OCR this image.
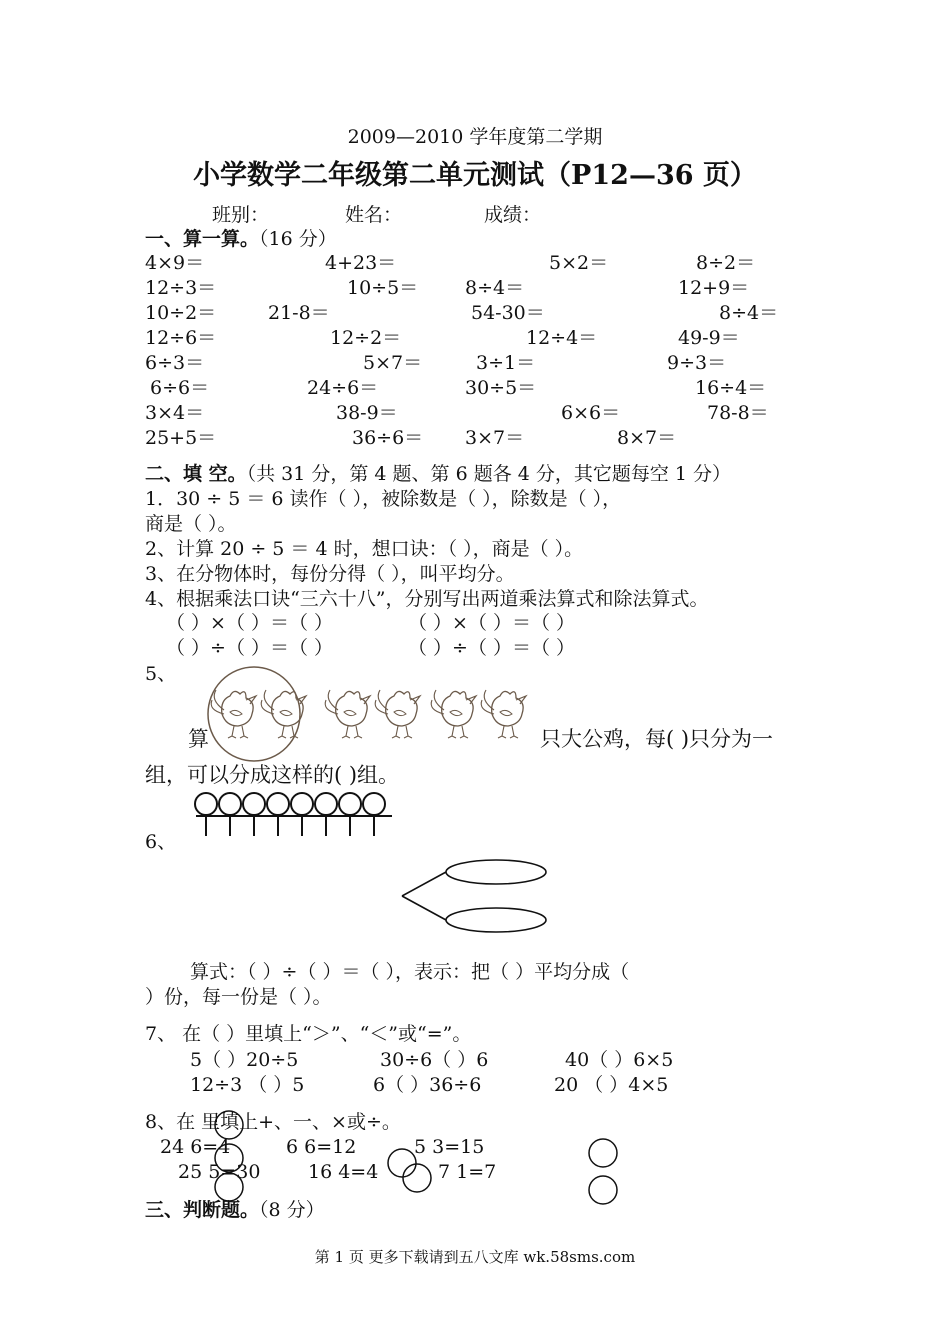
2009—2010 学年度第二学期
小学数学二年级第二单元测试（P12—36 页）
班别：	姓名：	成绩：
一、算一算。（16 分）
4×9＝	4+23＝	5×2＝	8÷2＝
12÷3＝	10÷5＝ 8÷4＝	12+9＝
10÷2＝	21-8＝	54-30＝	8÷4＝
12÷6＝	12÷2＝	12÷4＝	49-9＝
6÷3＝	5×7＝	3÷1＝	9÷3＝
6÷6＝	24÷6＝	30÷5＝	16÷4＝
3×4＝	38-9＝	6×6＝	78-8＝
25+5＝	36÷6＝ 3×7＝	8×7＝
二、填 空。（共 31 分，第 4 题、第 6 题各 4 分，其它题每空 1 分）
1．30 ÷ 5 ＝ 6 读作（ ），被除数是（ ），除数是（ ），
商是（ ）。
2、计算 20 ÷ 5 ＝ 4 时，想口诀：（ ），商是（ ）。
3、在分物体时，每份分得（ ），叫平均分。
4、根据乘法口诀“三六十八”，分别写出两道乘法算式和除法算式。
（ ）×（ ）＝（ ）	（ ）×（ ）＝（ ）
（ ）÷（ ）＝（ ）	（ ）÷（ ）＝（ ）
5、
算	只大公鸡，每( )只分为一
组，可以分成这样的( )组。
6、
算式：（ ）÷（ ）＝（ ），表示：把（ ）平均分成（
）份，每一份是（ ）。
7、 在（ ）里填上“＞”、“＜”或“=”。
5（ ）20÷5	30÷6（ ）6	40（ ）6×5
12÷3 （ ）5	6（ ）36÷6	20 （ ）4×5
8、在 里填上+、一、×或÷。
24 6=4	6 6=12	5 3=15
25 5=30	16 4=4	7 1=7
三、判断题。（8 分）
第 1 页 更多下载请到五八文库 wk.58sms.com
